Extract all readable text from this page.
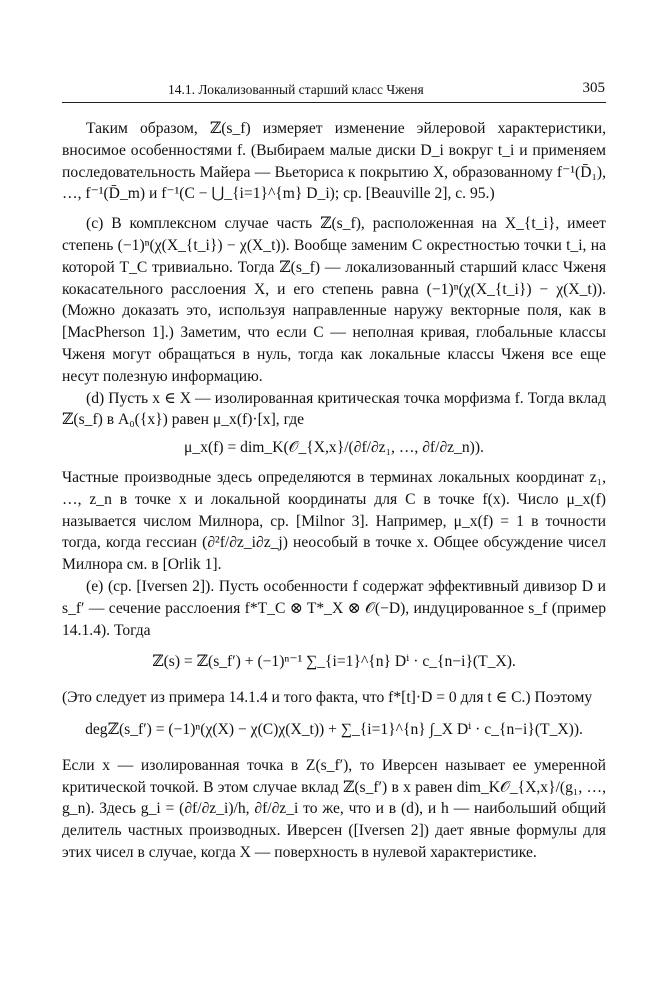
14.1. Локализованный старший класс Чженя	305

Таким образом, ℤ(s_f) измеряет изменение эйлеровой характеристики, вносимое особенностями f. (Выбираем малые диски D_i вокруг t_i и применяем последовательность Майера — Вьеториса к покрытию X, образованному f⁻¹(D̄₁), …, f⁻¹(D̄_m) и f⁻¹(C − ⋃_{i=1}^{m} D_i); ср. [Beauville 2], с. 95.)

(c) В комплексном случае часть ℤ(s_f), расположенная на X_{t_i}, имеет степень (−1)ⁿ(χ(X_{t_i}) − χ(X_t)). Вообще заменим C окрестностью точки t_i, на которой T_C тривиально. Тогда ℤ(s_f) — локализованный старший класс Чженя кокасательного расслоения X, и его степень равна (−1)ⁿ(χ(X_{t_i}) − χ(X_t)). (Можно доказать это, используя направленные наружу векторные поля, как в [MacPherson 1].) Заметим, что если C — неполная кривая, глобальные классы Чженя могут обращаться в нуль, тогда как локальные классы Чженя все еще несут полезную информацию.

(d) Пусть x ∈ X — изолированная критическая точка морфизма f. Тогда вклад ℤ(s_f) в A₀({x}) равен μ_x(f)·[x], где

μ_x(f) = dim_K(𝒪_{X,x}/(∂f/∂z₁, …, ∂f/∂z_n)).

Частные производные здесь определяются в терминах локальных координат z₁, …, z_n в точке x и локальной координаты для C в точке f(x). Число μ_x(f) называется числом Милнора, ср. [Milnor 3]. Например, μ_x(f) = 1 в точности тогда, когда гессиан (∂²f/∂z_i∂z_j) неособый в точке x. Общее обсуждение чисел Милнора см. в [Orlik 1].

(e) (ср. [Iversen 2]). Пусть особенности f содержат эффективный дивизор D и s_f′ — сечение расслоения f*T_C ⊗ T*_X ⊗ 𝒪(−D), индуцированное s_f (пример 14.1.4). Тогда

ℤ(s) = ℤ(s_f′) + (−1)ⁿ⁻¹ ∑_{i=1}^{n} Dⁱ · c_{n−i}(T_X).

(Это следует из примера 14.1.4 и того факта, что f*[t]·D = 0 для t ∈ C.) Поэтому

degℤ(s_f′) = (−1)ⁿ(χ(X) − χ(C)χ(X_t)) + ∑_{i=1}^{n} ∫_X Dⁱ · c_{n−i}(T_X)).

Если x — изолированная точка в Z(s_f′), то Иверсен называет ее умеренной критической точкой. В этом случае вклад ℤ(s_f′) в x равен dim_K𝒪_{X,x}/(g₁, …, g_n). Здесь g_i = (∂f/∂z_i)/h, ∂f/∂z_i то же, что и в (d), и h — наибольший общий делитель частных производных. Иверсен ([Iversen 2]) дает явные формулы для этих чисел в случае, когда X — поверхность в нулевой характеристике.
